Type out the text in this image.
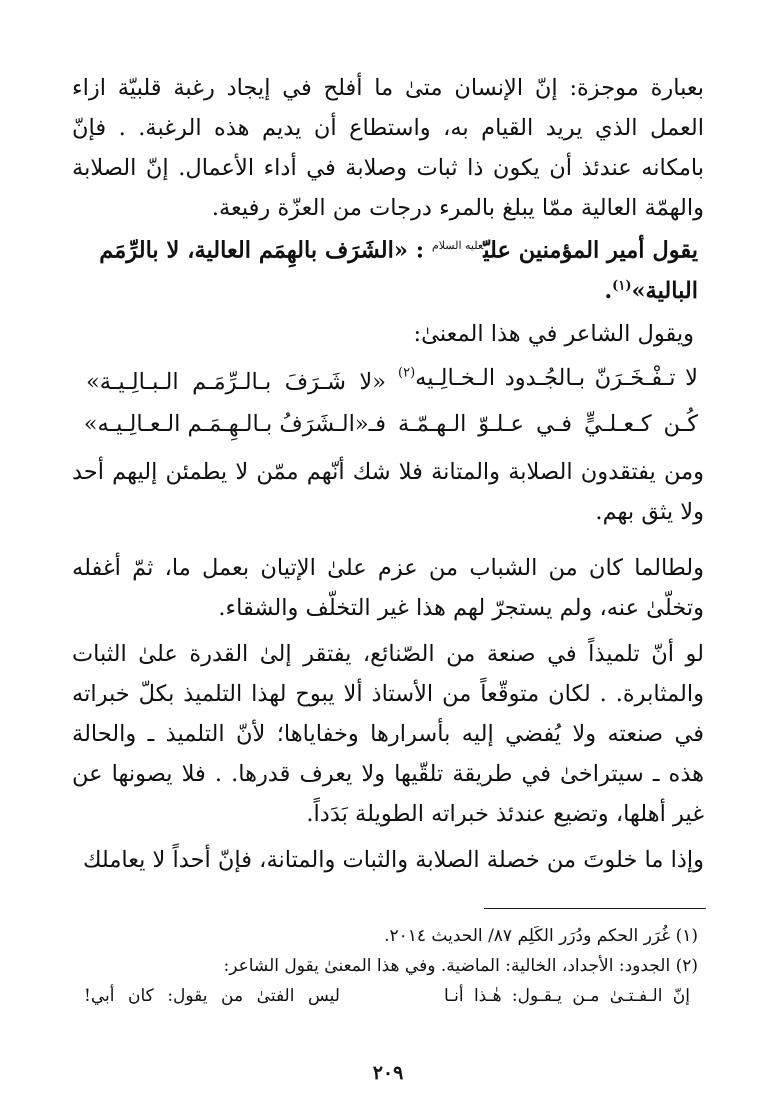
بعبارة موجزة: إنّ الإنسان متىٰ ما أفلح في إيجاد رغبة قلبيّة ازاء العمل الذي يريد القيام به، واستطاع أن يديم هذه الرغبة. . فإنّ بامكانه عندئذ أن يكون ذا ثبات وصلابة في أداء الأعمال. إنّ الصلابة والهمّة العالية ممّا يبلغ بالمرء درجات من العزّة رفيعة.

يقول أمير المؤمنين عليّ$^{عليه السلام}$ : «الشَرَف بالهِمَم العالية، لا بالرِّمَم البالية»$^{(١)}$.

ويقول الشاعر في هذا المعنىٰ:

لا تـفْـخَـرَنّ بـالجُـدود الـخـالِـيه$^{(٢)}$
«لا شَـرَفَ بـالـرِّمَـم الـبـالِـيـة»
كُـن كـعـلـيٍّ فـي عـلـوّ الـهـمّـة
فـ«الـشَرَفُ بـالـهِـمَـم الـعـالِـيـه»

ومن يفتقدون الصلابة والمتانة فلا شك أنّهم ممّن لا يطمئن إليهم أحد ولا يثق بهم.

ولطالما كان من الشباب من عزم علىٰ الإتيان بعمل ما، ثمّ أغفله وتخلّىٰ عنه، ولم يستجرّ لهم هذا غير التخلّف والشقاء.

لو أنّ تلميذاً في صنعة من الصّنائع، يفتقر إلىٰ القدرة علىٰ الثبات والمثابرة. . لكان متوقّعاً من الأستاذ ألا يبوح لهذا التلميذ بكلّ خبراته في صنعته ولا يُفضي إليه بأسرارها وخفاياها؛ لأنّ التلميذ ـ والحالة هذه ـ سيتراخىٰ في طريقة تلقّيها ولا يعرف قدرها. . فلا يصونها عن غير أهلها، وتضيع عندئذ خبراته الطويلة بَدَداً.

وإذا ما خلوتَ من خصلة الصلابة والثبات والمتانة، فإنّ أحداً لا يعاملك

(١) غُرَر الحكم ودُرَر الكَلِم ٨٧/ الحديث ٢٠١٤.

(٢) الجدود: الأجداد، الخالية: الماضية. وفي هذا المعنىٰ يقول الشاعر:

إنّ الـفـتـىٰ مـن يـقـول: هٰـذا أنـا
ليس الفتىٰ من يقول: كان أبي!
٢٠٩
